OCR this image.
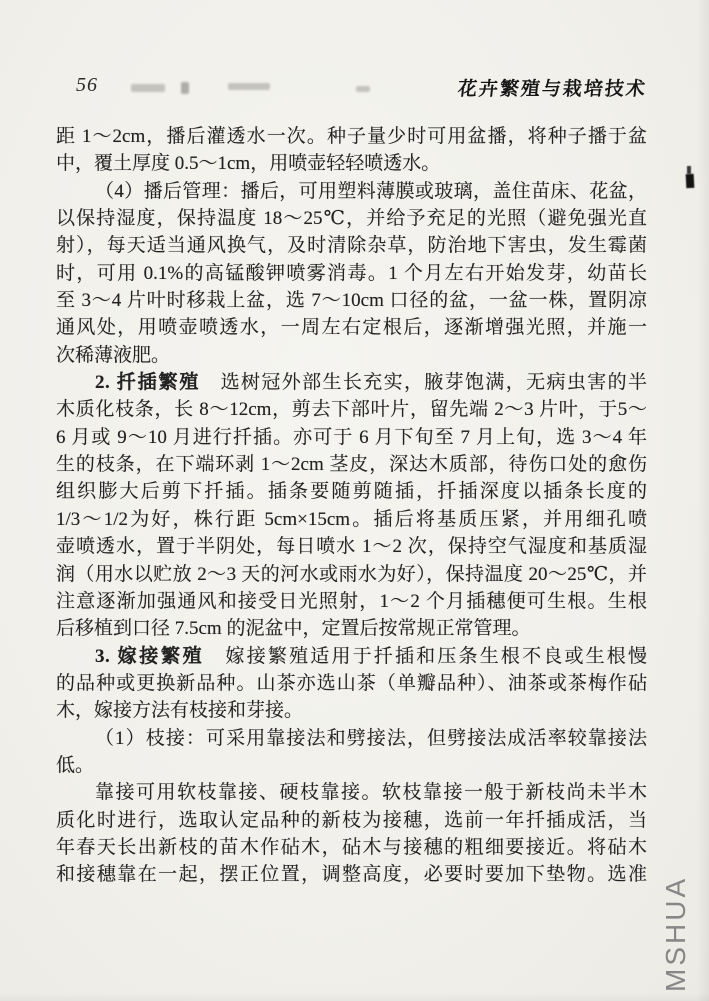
56	花卉繁殖与栽培技术
距 1～2cm，播后灌透水一次。种子量少时可用盆播，将种子播于盆
中，覆土厚度 0.5～1cm，用喷壶轻轻喷透水。
（4）播后管理：播后，可用塑料薄膜或玻璃，盖住苗床、花盆，
以保持湿度，保持温度 18～25℃，并给予充足的光照（避免强光直
射），每天适当通风换气，及时清除杂草，防治地下害虫，发生霉菌
时，可用 0.1%的高锰酸钾喷雾消毒。1 个月左右开始发芽，幼苗长
至 3～4 片叶时移栽上盆，选 7～10cm 口径的盆，一盆一株，置阴凉
通风处，用喷壶喷透水，一周左右定根后，逐渐增强光照，并施一
次稀薄液肥。
2. 扦插繁殖　选树冠外部生长充实，腋芽饱满，无病虫害的半
木质化枝条，长 8～12cm，剪去下部叶片，留先端 2～3 片叶，于5～
6 月或 9～10 月进行扦插。亦可于 6 月下旬至 7 月上旬，选 3～4 年
生的枝条，在下端环剥 1～2cm 茎皮，深达木质部，待伤口处的愈伤
组织膨大后剪下扦插。插条要随剪随插，扦插深度以插条长度的
1/3～1/2为好，株行距 5cm×15cm。插后将基质压紧，并用细孔喷
壶喷透水，置于半阴处，每日喷水 1～2 次，保持空气湿度和基质湿
润（用水以贮放 2～3 天的河水或雨水为好），保持温度 20～25℃，并
注意逐渐加强通风和接受日光照射，1～2 个月插穗便可生根。生根
后移植到口径 7.5cm 的泥盆中，定置后按常规正常管理。
3. 嫁接繁殖　嫁接繁殖适用于扦插和压条生根不良或生根慢
的品种或更换新品种。山茶亦选山茶（单瓣品种）、油茶或茶梅作砧
木，嫁接方法有枝接和芽接。
（1）枝接：可采用靠接法和劈接法，但劈接法成活率较靠接法
低。
靠接可用软枝靠接、硬枝靠接。软枝靠接一般于新枝尚未半木
质化时进行，选取认定品种的新枝为接穗，选前一年扦插成活，当
年春天长出新枝的苗木作砧木，砧木与接穗的粗细要接近。将砧木
和接穗靠在一起，摆正位置，调整高度，必要时要加下垫物。选准
MSHUA
